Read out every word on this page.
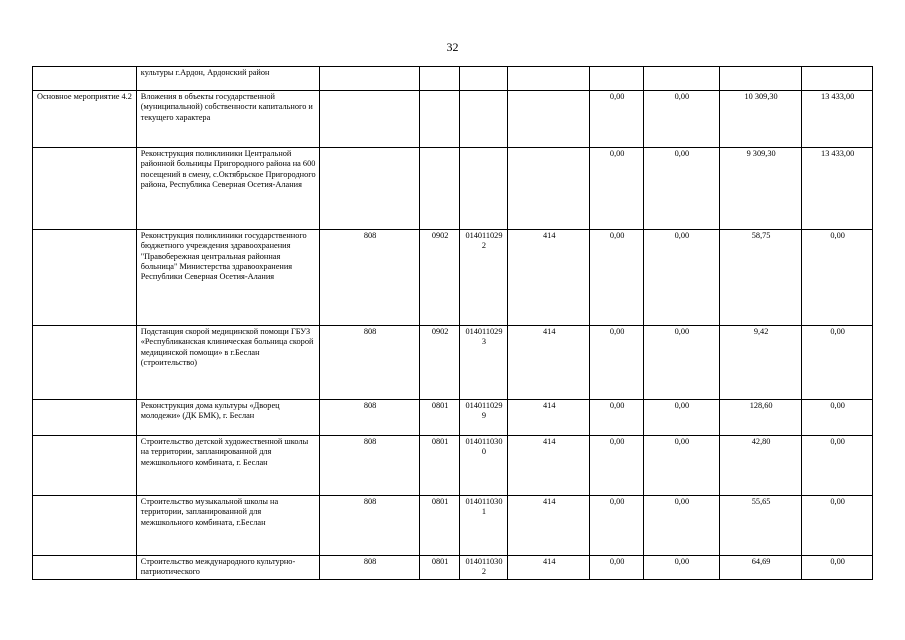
32
	культуры г.Ардон, Ардонский район								
Основное мероприятие 4.2	Вложения в объекты государственной (муниципальной) собственности капитального и текущего характера					0,00	0,00	10 309,30	13 433,00
	Реконструкция поликлиники Центральной районной больницы Пригородного района на 600 посещений в смену, с.Октябрьское Пригородного района, Республика Северная Осетия-Алания					0,00	0,00	9 309,30	13 433,00
	Реконструкция поликлиники государственного бюджетного учреждения здравоохранения "Правобережная центральная районная больница" Министерства здравоохранения Республики Северная Осетия-Алания	808	0902	0140110292	414	0,00	0,00	58,75	0,00
	Подстанция скорой медицинской помощи ГБУЗ «Республиканская клиническая больница скорой медицинской помощи» в г.Беслан (строительство)	808	0902	0140110293	414	0,00	0,00	9,42	0,00
	Реконструкция дома культуры «Дворец молодежи» (ДК БМК), г. Беслан	808	0801	0140110299	414	0,00	0,00	128,60	0,00
	Строительство детской художественной школы на территории, запланированной для межшкольного комбината, г. Беслан	808	0801	0140110300	414	0,00	0,00	42,80	0,00
	Строительство музыкальной школы на территории, запланированной для межшкольного комбината, г.Беслан	808	0801	0140110301	414	0,00	0,00	55,65	0,00
	Строительство международного культурно-патриотического	808	0801	0140110302	414	0,00	0,00	64,69	0,00
